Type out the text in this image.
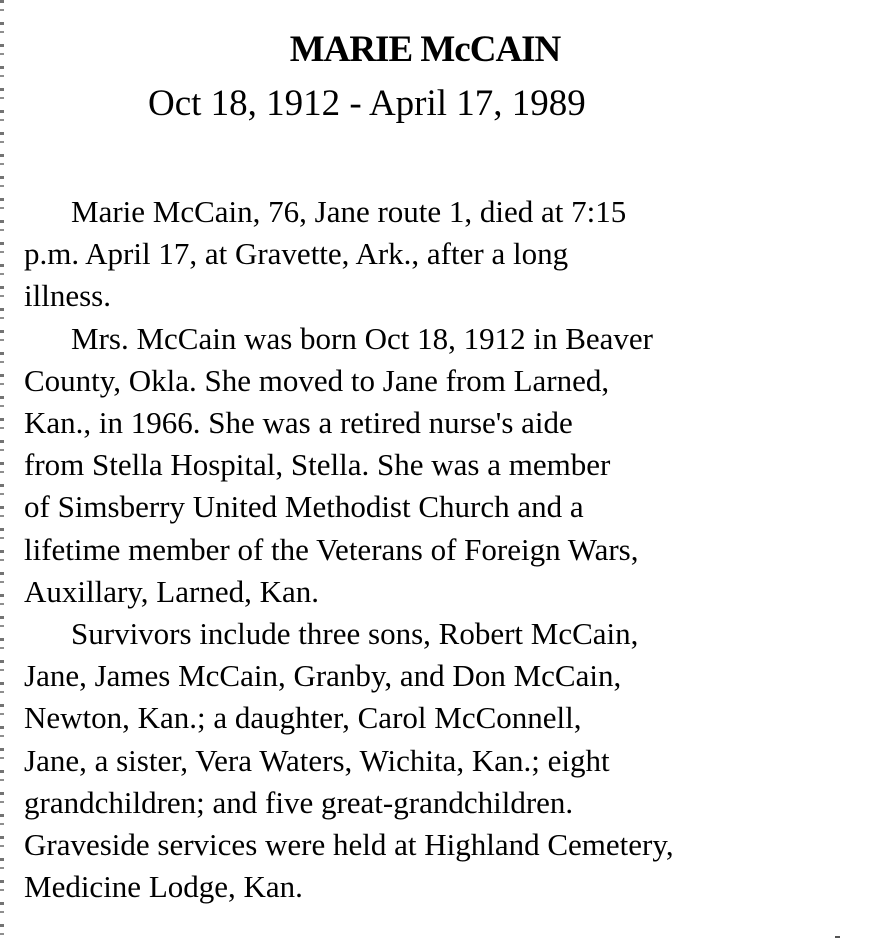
MARIE McCAIN

Oct 18, 1912 - April 17, 1989

Marie McCain, 76, Jane route 1, died at 7:15
p.m. April 17, at Gravette, Ark., after a long
illness.
Mrs. McCain was born Oct 18, 1912 in Beaver
County, Okla. She moved to Jane from Larned,
Kan., in 1966. She was a retired nurse's aide
from Stella Hospital, Stella. She was a member
of Simsberry United Methodist Church and a
lifetime member of the Veterans of Foreign Wars,
Auxillary, Larned, Kan.
Survivors include three sons, Robert McCain,
Jane, James McCain, Granby, and Don McCain,
Newton, Kan.; a daughter, Carol McConnell,
Jane, a sister, Vera Waters, Wichita, Kan.; eight
grandchildren; and five great-grandchildren.
Graveside services were held at Highland Cemetery,
Medicine Lodge, Kan.
